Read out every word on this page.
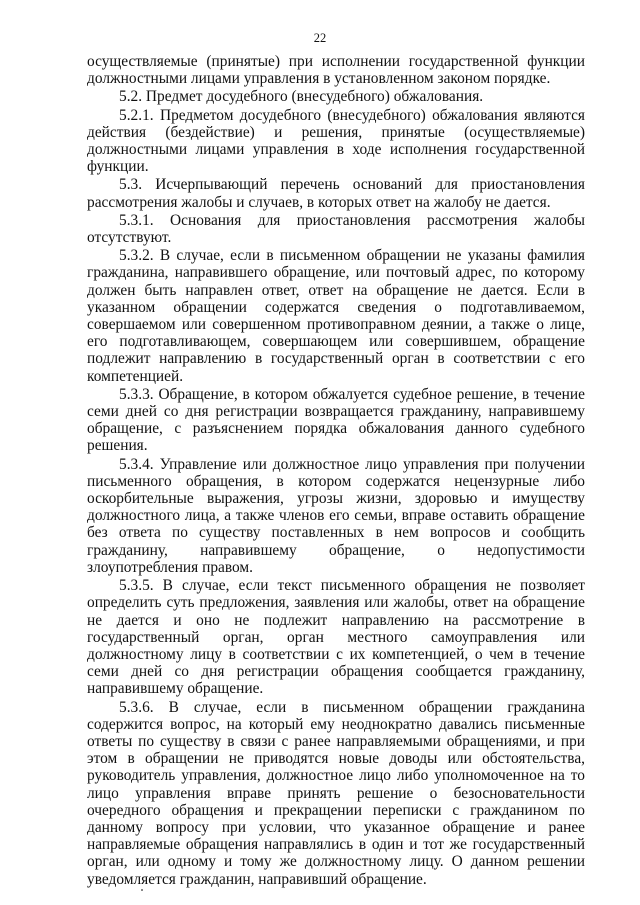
22

осуществляемые (принятые) при исполнении государственной функции должностными лицами управления в установленном законом порядке.

5.2. Предмет досудебного (внесудебного) обжалования.

5.2.1. Предметом досудебного (внесудебного) обжалования являются действия (бездействие) и решения, принятые (осуществляемые) должностными лицами управления в ходе исполнения государственной функции.

5.3. Исчерпывающий перечень оснований для приостановления рассмотрения жалобы и случаев, в которых ответ на жалобу не дается.

5.3.1. Основания для приостановления рассмотрения жалобы отсутствуют.

5.3.2. В случае, если в письменном обращении не указаны фамилия гражданина, направившего обращение, или почтовый адрес, по которому должен быть направлен ответ, ответ на обращение не дается. Если в указанном обращении содержатся сведения о подготавливаемом, совершаемом или совершенном противоправном деянии, а также о лице, его подготавливающем, совершающем или совершившем, обращение подлежит направлению в государственный орган в соответствии с его компетенцией.

5.3.3. Обращение, в котором обжалуется судебное решение, в течение семи дней со дня регистрации возвращается гражданину, направившему обращение, с разъяснением порядка обжалования данного судебного решения.

5.3.4. Управление или должностное лицо управления при получении письменного обращения, в котором содержатся нецензурные либо оскорбительные выражения, угрозы жизни, здоровью и имуществу должностного лица, а также членов его семьи, вправе оставить обращение без ответа по существу поставленных в нем вопросов и сообщить гражданину, направившему обращение, о недопустимости злоупотребления правом.

5.3.5. В случае, если текст письменного обращения не позволяет определить суть предложения, заявления или жалобы, ответ на обращение не дается и оно не подлежит направлению на рассмотрение в государственный орган, орган местного самоуправления или должностному лицу в соответствии с их компетенцией, о чем в течение семи дней со дня регистрации обращения сообщается гражданину, направившему обращение.

5.3.6. В случае, если в письменном обращении гражданина содержится вопрос, на который ему неоднократно давались письменные ответы по существу в связи с ранее направляемыми обращениями, и при этом в обращении не приводятся новые доводы или обстоятельства, руководитель управления, должностное лицо либо уполномоченное на то лицо управления вправе принять решение о безосновательности очередного обращения и прекращении переписки с гражданином по данному вопросу при условии, что указанное обращение и ранее направляемые обращения направлялись в один и тот же государственный орган, или одному и тому же должностному лицу. О данном решении уведомляется гражданин, направивший обращение.
